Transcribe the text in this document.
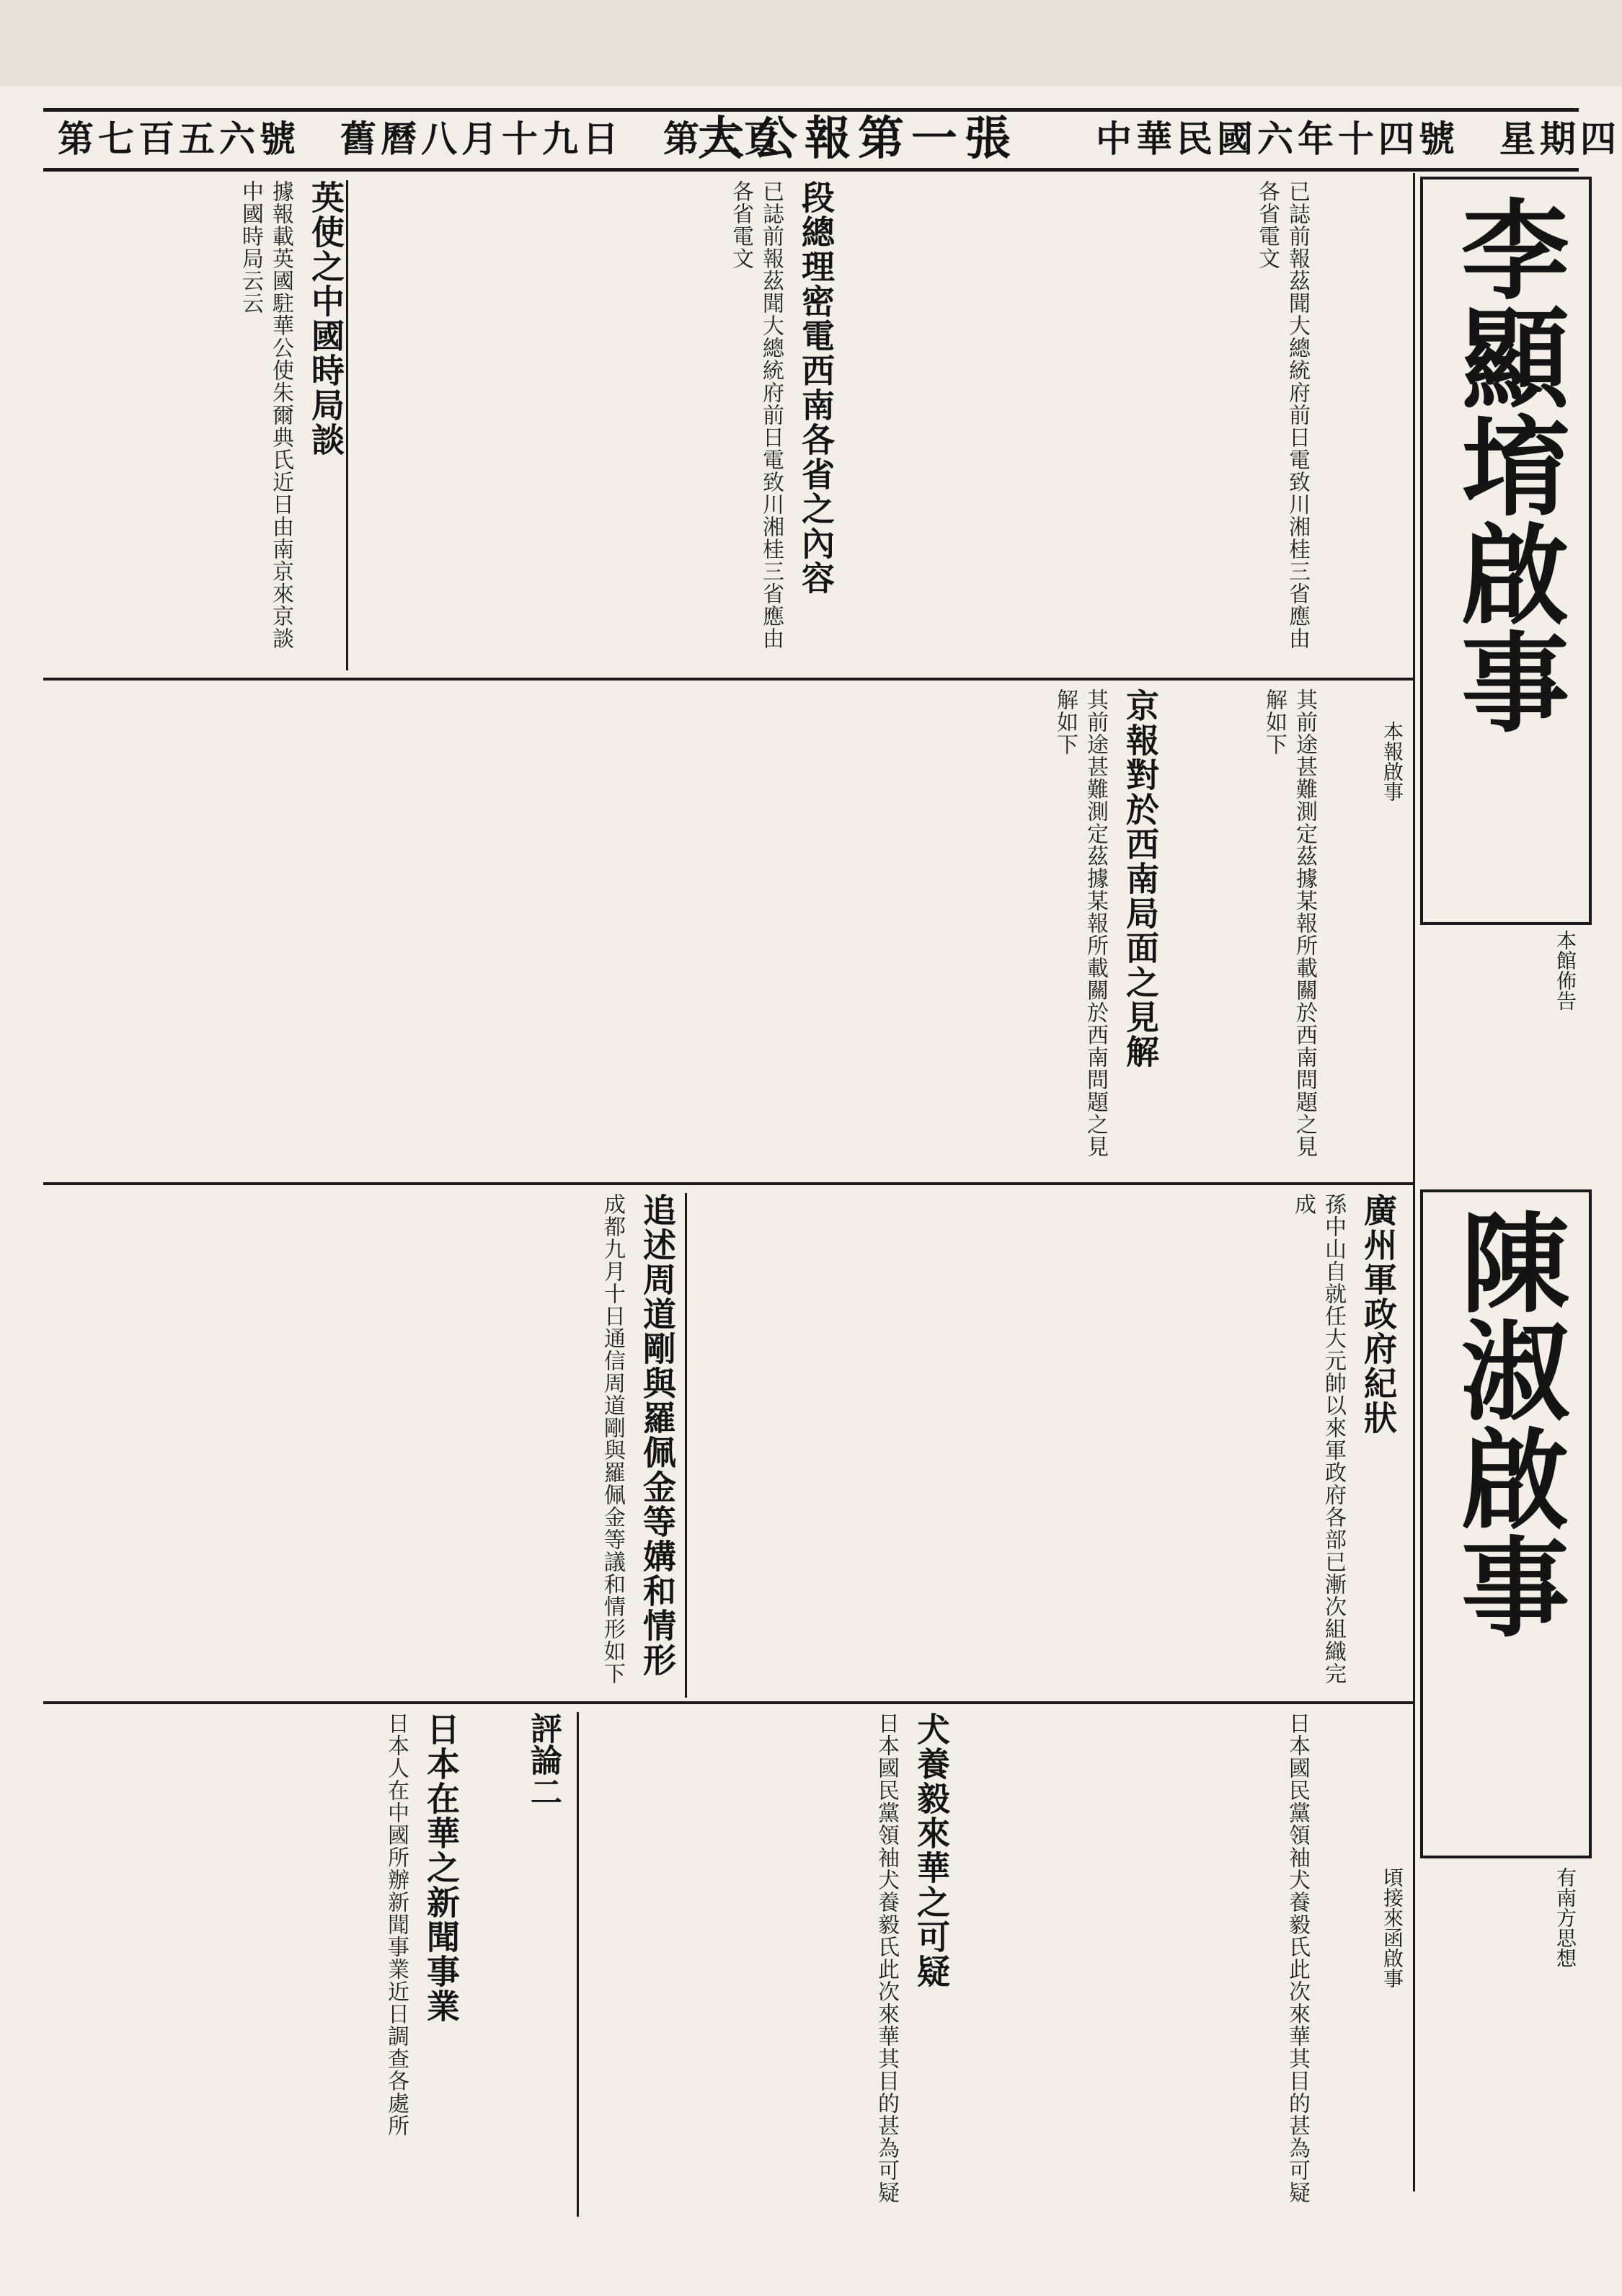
第七百五六號　舊曆八月十九日　第三頁
大公報第一張	中華民國六年十四號　星期四
李顯堉啟事
陳淑啟事
本館佈告
有南方思想
本報啟事
頃接來函啟事
段總理密電西南各省之內容	已誌前報茲聞大總統府前日電致川湘桂三省應由各省電文
英使之中國時局談
據報載英國駐華公使朱爾典氏近日由南京來京談中國時局云云	已誌前報茲聞大總統府前日電致川湘桂三省應由各省電文
京報對於西南局面之見解	其前途甚難測定茲據某報所載關於西南問題之見解如下
其前途甚難測定茲據某報所載關於西南問題之見解如下
廣州軍政府紀狀
孫中山自就任大元帥以來軍政府各部已漸次組織完成
追述周道剛與羅佩金等媾和情形
成都九月十日通信周道剛與羅佩金等議和情形如下
犬養毅來華之可疑
日本國民黨領袖犬養毅氏此次來華其目的甚為可疑	日本國民黨領袖犬養毅氏此次來華其目的甚為可疑
評論二
日本在華之新聞事業
日本人在中國所辦新聞事業近日調查各處所
